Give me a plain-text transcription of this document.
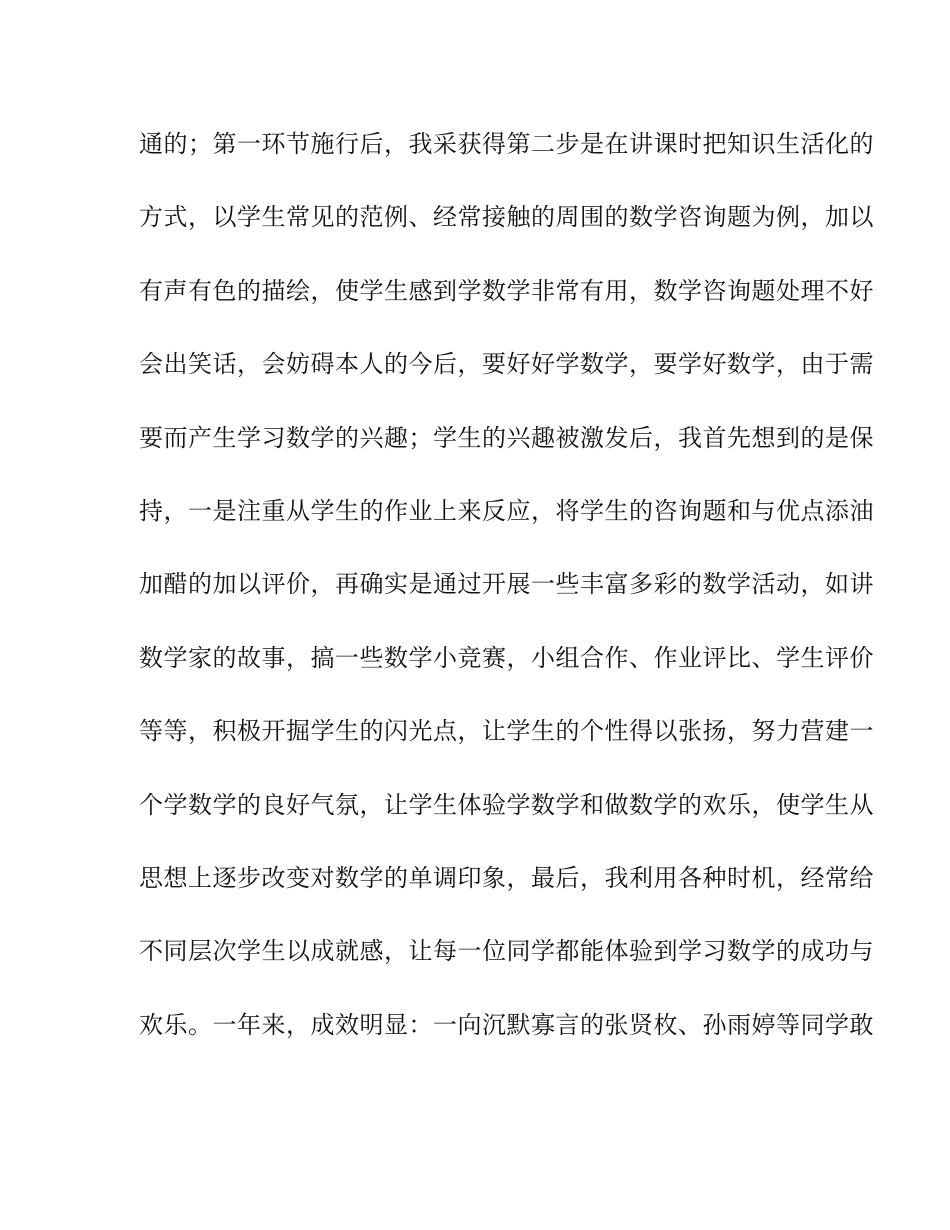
通的；第一环节施行后，我采获得第二步是在讲课时把知识生活化的
方式，以学生常见的范例、经常接触的周围的数学咨询题为例，加以
有声有色的描绘，使学生感到学数学非常有用，数学咨询题处理不好
会出笑话，会妨碍本人的今后，要好好学数学，要学好数学，由于需
要而产生学习数学的兴趣；学生的兴趣被激发后，我首先想到的是保
持，一是注重从学生的作业上来反应，将学生的咨询题和与优点添油
加醋的加以评价，再确实是通过开展一些丰富多彩的数学活动，如讲
数学家的故事，搞一些数学小竞赛，小组合作、作业评比、学生评价
等等，积极开掘学生的闪光点，让学生的个性得以张扬，努力营建一
个学数学的良好气氛，让学生体验学数学和做数学的欢乐，使学生从
思想上逐步改变对数学的单调印象，最后，我利用各种时机，经常给
不同层次学生以成就感，让每一位同学都能体验到学习数学的成功与
欢乐。一年来，成效明显：一向沉默寡言的张贤枚、孙雨婷等同学敢
